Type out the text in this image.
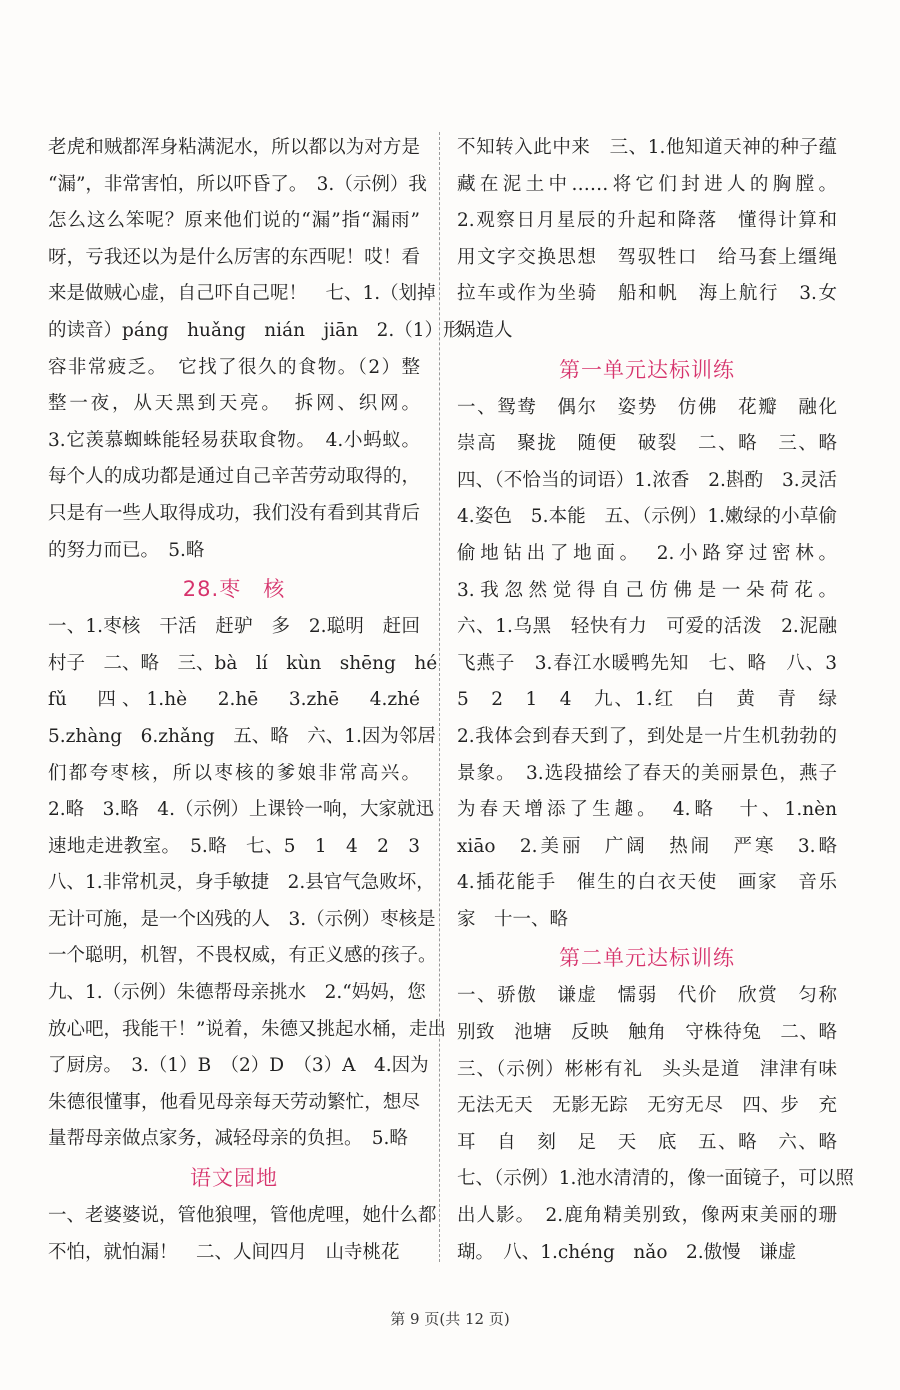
老虎和贼都浑身粘满泥水，所以都以为对方是
“漏”，非常害怕，所以吓昏了。　3.（示例）我
怎么这么笨呢？原来他们说的“漏”指“漏雨”
呀，亏我还以为是什么厉害的东西呢！哎！看
来是做贼心虚，自己吓自己呢！　七、1.（划掉
的读音）páng　huǎng　nián　jiān　2.（1）形
容非常疲乏。　它找了很久的食物。（2）整
整一夜，从天黑到天亮。　拆网、织网。
3.它羡慕蜘蛛能轻易获取食物。　4.小蚂蚁。
每个人的成功都是通过自己辛苦劳动取得的，
只是有一些人取得成功，我们没有看到其背后
的努力而已。　5.略
28.枣　核
一、1.枣核　干活　赶驴　多　2.聪明　赶回
村子　二、略　三、bà　lí　kùn　shēng　hé
fǔ　四、1.hè　2.hē　3.zhē　4.zhé
5.zhàng　6.zhǎng　五、略　六、1.因为邻居
们都夸枣核，所以枣核的爹娘非常高兴。
2.略　3.略　4.（示例）上课铃一响，大家就迅
速地走进教室。　5.略　七、5　1　4　2　3
八、1.非常机灵，身手敏捷　2.县官气急败坏，
无计可施，是一个凶残的人　3.（示例）枣核是
一个聪明，机智，不畏权威，有正义感的孩子。
九、1.（示例）朱德帮母亲挑水　2.“妈妈，您
放心吧，我能干！”说着，朱德又挑起水桶，走出
了厨房。　3.（1）B　（2）D　（3）A　4.因为
朱德很懂事，他看见母亲每天劳动繁忙，想尽
量帮母亲做点家务，减轻母亲的负担。　5.略
语文园地
一、老婆婆说，管他狼哩，管他虎哩，她什么都
不怕，就怕漏！　二、人间四月　山寺桃花
不知转入此中来　三、1.他知道天神的种子蕴
藏在泥土中……将它们封进人的胸膛。
2.观察日月星辰的升起和降落　懂得计算和
用文字交换思想　驾驭牲口　给马套上缰绳
拉车或作为坐骑　船和帆　海上航行　3.女
娲造人
第一单元达标训练
一、鸳鸯　偶尔　姿势　仿佛　花瓣　融化
崇高　聚拢　随便　破裂　二、略　三、略
四、（不恰当的词语）1.浓香　2.斟酌　3.灵活
4.姿色　5.本能　五、（示例）1.嫩绿的小草偷
偷地钻出了地面。　2.小路穿过密林。
3.我忽然觉得自己仿佛是一朵荷花。
六、1.乌黑　轻快有力　可爱的活泼　2.泥融
飞燕子　3.春江水暖鸭先知　七、略　八、3
5　2　1　4　九、1.红　白　黄　青　绿
2.我体会到春天到了，到处是一片生机勃勃的
景象。　3.选段描绘了春天的美丽景色，燕子
为春天增添了生趣。　4.略　十、1.nèn
xiāo　2.美丽　广阔　热闹　严寒　3.略
4.插花能手　催生的白衣天使　画家　音乐
家　十一、略
第二单元达标训练
一、骄傲　谦虚　懦弱　代价　欣赏　匀称
别致　池塘　反映　触角　守株待兔　二、略
三、（示例）彬彬有礼　头头是道　津津有味
无法无天　无影无踪　无穷无尽　四、步　充
耳　自　刻　足　天　底　五、略　六、略
七、（示例）1.池水清清的，像一面镜子，可以照
出人影。　2.鹿角精美别致，像两束美丽的珊
瑚。　八、1.chéng　nǎo　2.傲慢　谦虚
第 9 页(共 12 页)
